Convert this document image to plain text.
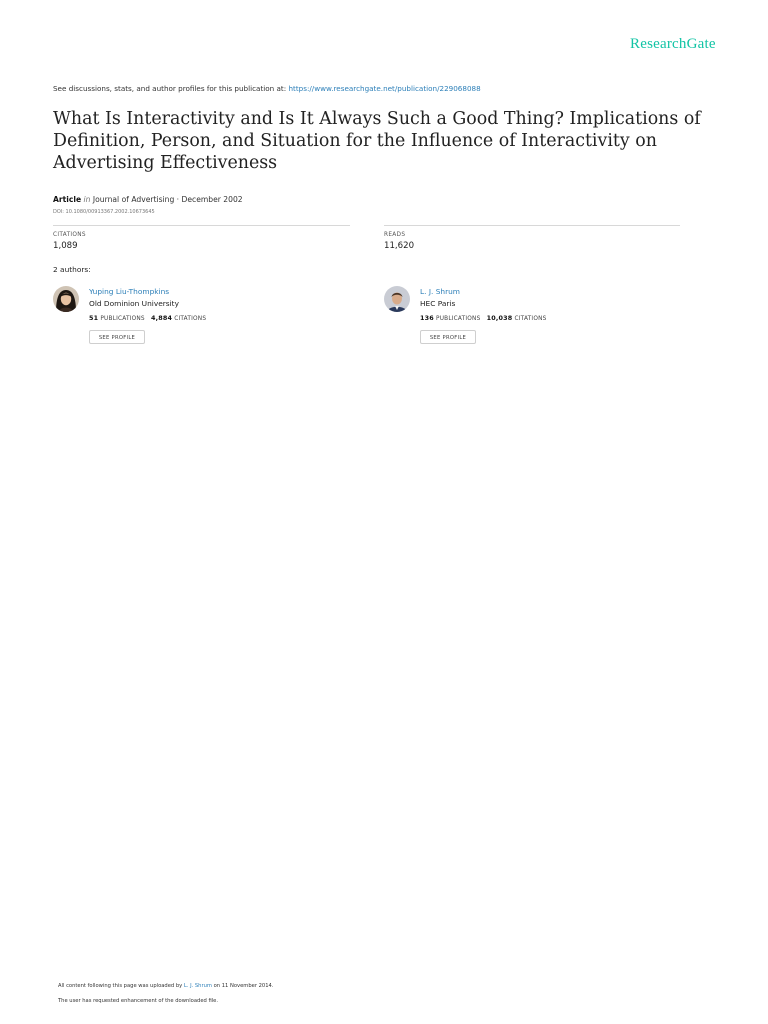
ResearchGate
See discussions, stats, and author profiles for this publication at: https://www.researchgate.net/publication/229068088
What Is Interactivity and Is It Always Such a Good Thing? Implications of Definition, Person, and Situation for the Influence of Interactivity on Advertising Effectiveness
Article in Journal of Advertising · December 2002
DOI: 10.1080/00913367.2002.10673645
CITATIONS
1,089
READS
11,620
2 authors:
Yuping Liu-Thompkins
Old Dominion University
51 PUBLICATIONS 4,884 CITATIONS
SEE PROFILE
L. J. Shrum
HEC Paris
136 PUBLICATIONS 10,038 CITATIONS
SEE PROFILE
All content following this page was uploaded by L. J. Shrum on 11 November 2014.
The user has requested enhancement of the downloaded file.
